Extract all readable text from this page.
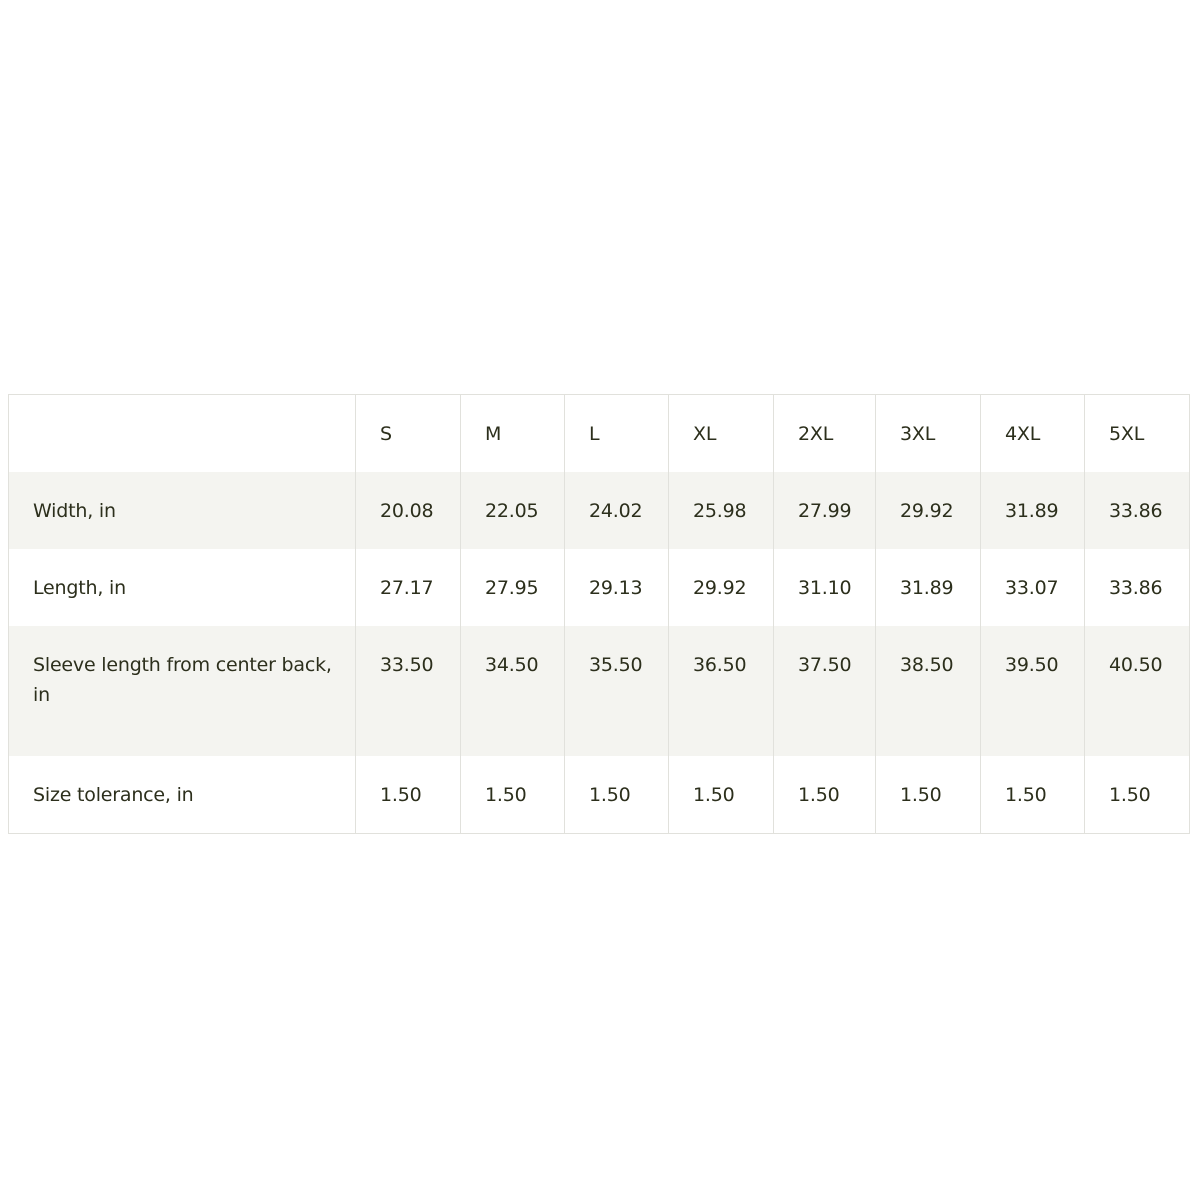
	S	M	L	XL	2XL	3XL	4XL	5XL
Width, in	20.08	22.05	24.02	25.98	27.99	29.92	31.89	33.86
Length, in	27.17	27.95	29.13	29.92	31.10	31.89	33.07	33.86
Sleeve length from center back, in	33.50	34.50	35.50	36.50	37.50	38.50	39.50	40.50
Size tolerance, in	1.50	1.50	1.50	1.50	1.50	1.50	1.50	1.50
